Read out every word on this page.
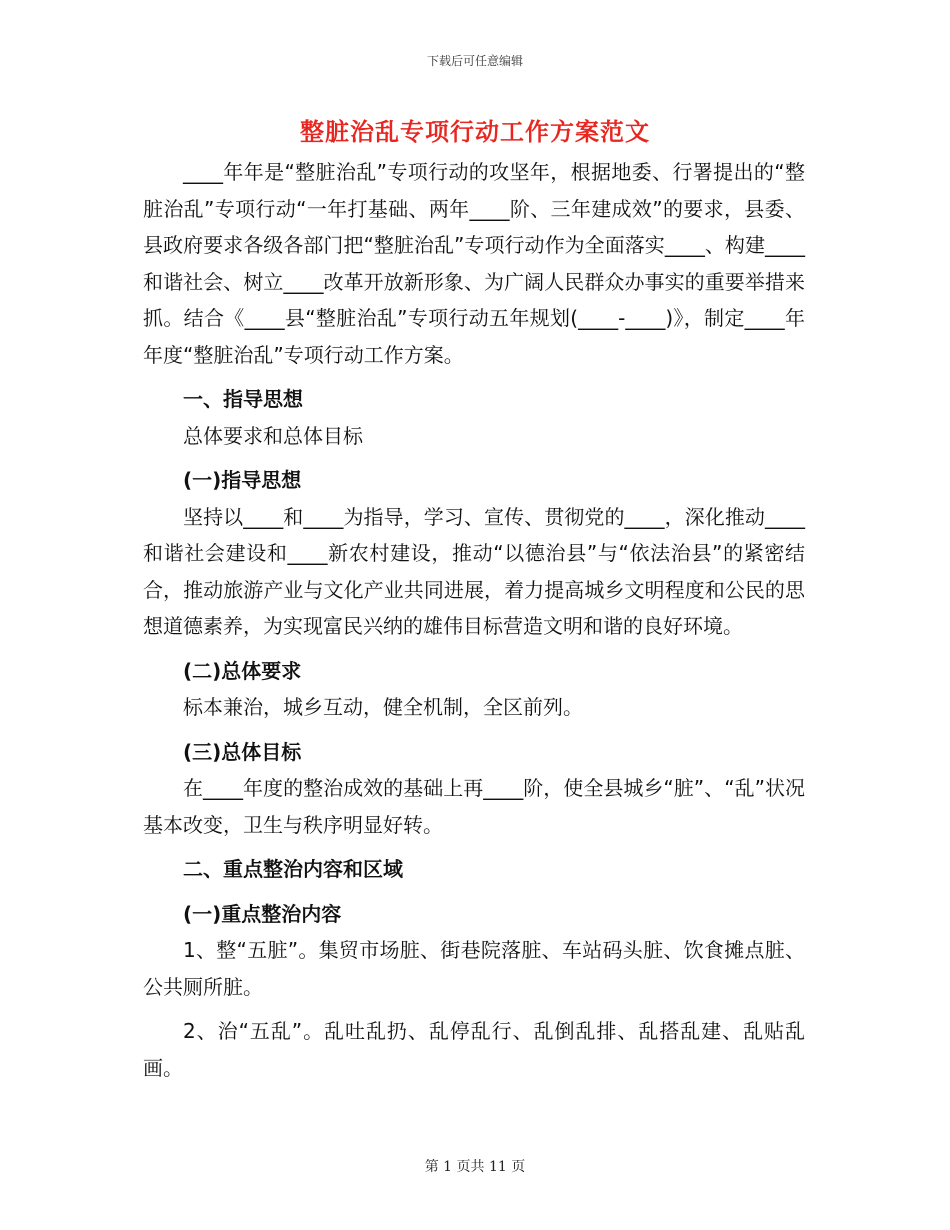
下载后可任意编辑
整脏治乱专项行动工作方案范文

____年年是“整脏治乱”专项行动的攻坚年，根据地委、行署提出的“整脏治乱”专项行动“一年打基础、两年____阶、三年建成效”的要求，县委、县政府要求各级各部门把“整脏治乱”专项行动作为全面落实____、构建____和谐社会、树立____改革开放新形象、为广阔人民群众办事实的重要举措来抓。结合《____县“整脏治乱”专项行动五年规划(____-____)》，制定____年年度“整脏治乱”专项行动工作方案。

一、指导思想

总体要求和总体目标

(一)指导思想

坚持以____和____为指导，学习、宣传、贯彻党的____，深化推动____和谐社会建设和____新农村建设，推动“以德治县”与“依法治县”的紧密结合，推动旅游产业与文化产业共同进展，着力提高城乡文明程度和公民的思想道德素养，为实现富民兴纳的雄伟目标营造文明和谐的良好环境。

(二)总体要求

标本兼治，城乡互动，健全机制，全区前列。

(三)总体目标

在____年度的整治成效的基础上再____阶，使全县城乡“脏”、“乱”状况基本改变，卫生与秩序明显好转。

二、重点整治内容和区域

(一)重点整治内容

1、整“五脏”。集贸市场脏、街巷院落脏、车站码头脏、饮食摊点脏、公共厕所脏。

2、治“五乱”。乱吐乱扔、乱停乱行、乱倒乱排、乱搭乱建、乱贴乱画。

第 1 页共 11 页
